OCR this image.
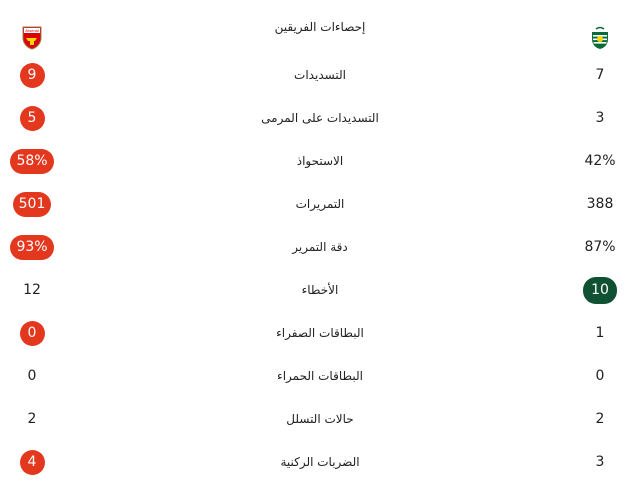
Arsenal	إحصاءات الفريقين
9	التسديدات	7
5	التسديدات على المرمى	3
58%	الاستحواذ	42%
501	التمريرات	388
93%	دقة التمرير	87%
12	الأخطاء	10
0	البطاقات الصفراء	1
0	البطاقات الحمراء	0
2	حالات التسلل	2
4	الضربات الركنية	3
